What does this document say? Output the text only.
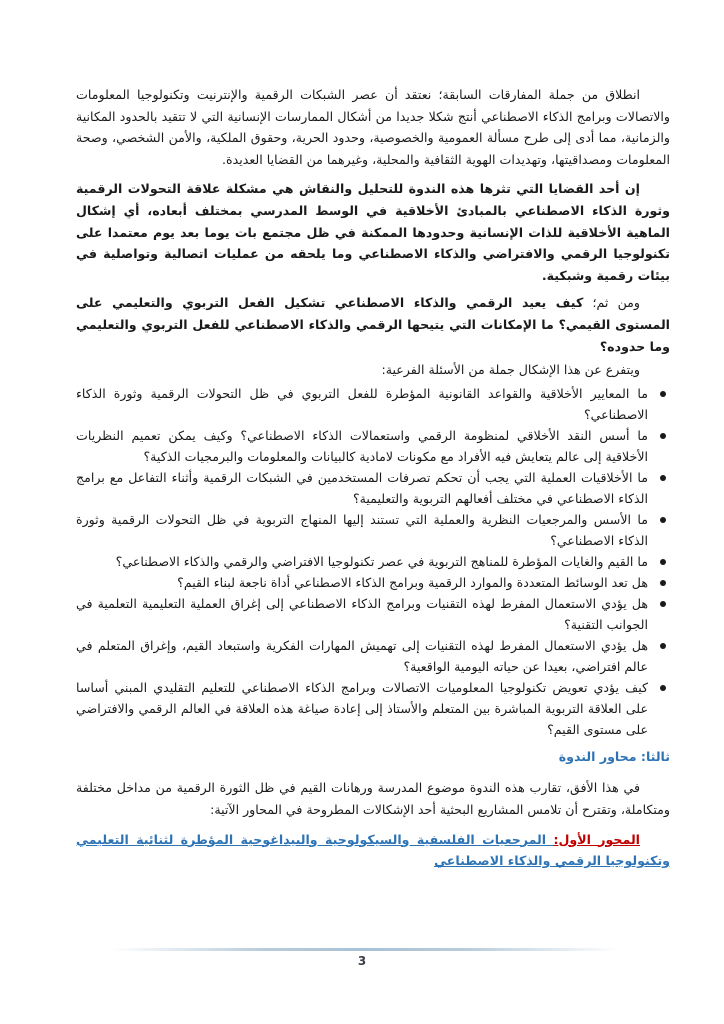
انطلاق من جملة المفارقات السابقة؛ نعتقد أن عصر الشبكات الرقمية والإنترنيت وتكنولوجيا المعلومات والاتصالات وبرامج الذكاء الاصطناعي أنتج شكلا جديدا من أشكال الممارسات الإنسانية التي لا تتقيد بالحدود المكانية والزمانية، مما أدى إلى طرح مسألة العمومية والخصوصية، وحدود الحرية، وحقوق الملكية، والأمن الشخصي، وصحة المعلومات ومصداقيتها، وتهديدات الهوية الثقافية والمحلية، وغيرهما من القضايا العديدة.

إن أحد القضايا التي تثرها هذه الندوة للتحليل والنقاش هي مشكلة علاقة التحولات الرقمية وثورة الذكاء الاصطناعي بالمبادئ الأخلاقية في الوسط المدرسي بمختلف أبعاده، أي إشكال الماهية الأخلاقية للذات الإنسانية وحدودها الممكنة في ظل مجتمع بات يوما بعد يوم معتمدا على تكنولوجيا الرقمي والافتراضي والذكاء الاصطناعي وما يلحقه من عمليات اتصالية وتواصلية في بيئات رقمية وشبكية.

ومن ثم؛ كيف يعيد الرقمي والذكاء الاصطناعي تشكيل الفعل التربوي والتعليمي على المستوى القيمي؟ ما الإمكانات التي يتيحها الرقمي والذكاء الاصطناعي للفعل التربوي والتعليمي وما حدوده؟

ويتفرع عن هذا الإشكال جملة من الأسئلة الفرعية:

ما المعايير الأخلاقية والقواعد القانونية المؤطرة للفعل التربوي في ظل التحولات الرقمية وثورة الذكاء الاصطناعي؟
ما أسس النقد الأخلاقي لمنظومة الرقمي واستعمالات الذكاء الاصطناعي؟ وكيف يمكن تعميم النظريات الأخلاقية إلى عالم يتعايش فيه الأفراد مع مكونات لامادية كالبيانات والمعلومات والبرمجيات الذكية؟
ما الأخلاقيات العملية التي يجب أن تحكم تصرفات المستخدمين في الشبكات الرقمية وأثناء التفاعل مع برامج الذكاء الاصطناعي في مختلف أفعالهم التربوية والتعليمية؟
ما الأسس والمرجعيات النظرية والعملية التي تستند إليها المنهاج التربوية في ظل التحولات الرقمية وثورة الذكاء الاصطناعي؟
ما القيم والغايات المؤطرة للمناهج التربوية في عصر تكنولوجيا الافتراضي والرقمي والذكاء الاصطناعي؟
هل تعد الوسائط المتعددة والموارد الرقمية وبرامج الذكاء الاصطناعي أداة ناجعة لبناء القيم؟
هل يؤدي الاستعمال المفرط لهذه التقنيات وبرامج الذكاء الاصطناعي إلى إغراق العملية التعليمية التعلمية في الجوانب التقنية؟
هل يؤدي الاستعمال المفرط لهذه التقنيات إلى تهميش المهارات الفكرية واستبعاد القيم، وإغراق المتعلم في عالم افتراضي، بعيدا عن حياته اليومية الواقعية؟
كيف يؤدي تعويض تكنولوجيا المعلوميات الاتصالات وبرامج الذكاء الاصطناعي للتعليم التقليدي المبني أساسا على العلاقة التربوية المباشرة بين المتعلم والأستاذ إلى إعادة صياغة هذه العلاقة في العالم الرقمي والافتراضي على مستوى القيم؟

ثالثا: محاور الندوة

في هذا الأفق، تقارب هذه الندوة موضوع المدرسة ورهانات القيم في ظل الثورة الرقمية من مداخل مختلفة ومتكاملة، وتقترح أن تلامس المشاريع البحثية أحد الإشكالات المطروحة في المحاور الآتية:

المحور الأول: المرجعيات الفلسفية والسيكولوجية والبيداغوجية المؤطرة لثنائية التعليمي وتكنولوجيا الرقمي والذكاء الاصطناعي

3
